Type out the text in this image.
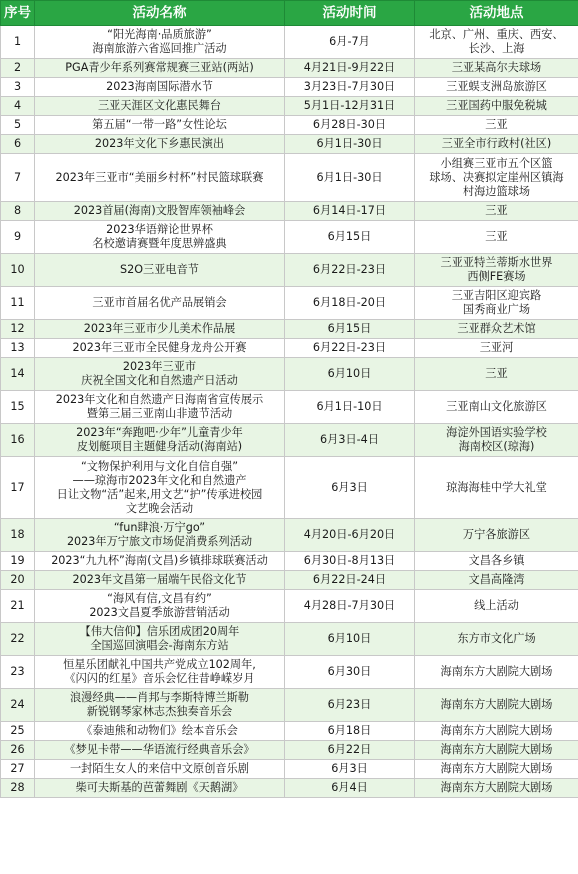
序号	活动名称	活动时间	活动地点
1	“阳光海南·品质旅游”
海南旅游六省巡回推广活动	6月-7月	北京、广州、重庆、西安、
长沙、上海
2	PGA青少年系列赛常规赛三亚站(两站)	4月21日-9月22日	三亚某高尔夫球场
3	2023海南国际潜水节	3月23日-7月30日	三亚蜈支洲岛旅游区
4	三亚天涯区文化惠民舞台	5月1日-12月31日	三亚国药中服免税城
5	第五届“一带一路”女性论坛	6月28日-30日	三亚
6	2023年文化下乡惠民演出	6月1日-30日	三亚全市行政村(社区)
7	2023年三亚市“美丽乡村杯”村民篮球联赛	6月1日-30日	小组赛三亚市五个区篮
球场、决赛拟定崖州区镇海
村海边篮球场
8	2023首届(海南)文股智库领袖峰会	6月14日-17日	三亚
9	2023华语辩论世界杯
名校邀请赛暨年度思辨盛典	6月15日	三亚
10	S2O三亚电音节	6月22日-23日	三亚亚特兰蒂斯水世界
西侧FE赛场
11	三亚市首届名优产品展销会	6月18日-20日	三亚吉阳区迎宾路
国秀商业广场
12	2023年三亚市少儿美术作品展	6月15日	三亚群众艺术馆
13	2023年三亚市全民健身龙舟公开赛	6月22日-23日	三亚河
14	2023年三亚市
庆祝全国文化和自然遗产日活动	6月10日	三亚
15	2023年文化和自然遗产日海南省宣传展示
暨第三届三亚南山非遗节活动	6月1日-10日	三亚南山文化旅游区
16	2023年“奔跑吧·少年”儿童青少年
皮划艇项目主题健身活动(海南站)	6月3日-4日	海淀外国语实验学校
海南校区(琼海)
17	“文物保护利用与文化自信自强”
——琼海市2023年文化和自然遗产
日让文物“活”起来,用文艺“护”传承进校园
文艺晚会活动	6月3日	琼海海桂中学大礼堂
18	“fun肆浪·万宁go”
2023年万宁旅文市场促消费系列活动	4月20日-6月20日	万宁各旅游区
19	2023“九九杯”海南(文昌)乡镇排球联赛活动	6月30日-8月13日	文昌各乡镇
20	2023年文昌第一届端午民俗文化节	6月22日-24日	文昌高隆湾
21	“海风有信,文昌有约”
2023文昌夏季旅游营销活动	4月28日-7月30日	线上活动
22	【伟大信仰】信乐团成团20周年
全国巡回演唱会-海南东方站	6月10日	东方市文化广场
23	恒星乐团献礼中国共产党成立102周年,
《闪闪的红星》音乐会忆往昔峥嵘岁月	6月30日	海南东方大剧院大剧场
24	浪漫经典——肖邦与李斯特博兰斯勒
新锐钢琴家林志杰独奏音乐会	6月23日	海南东方大剧院大剧场
25	《泰迪熊和动物们》绘本音乐会	6月18日	海南东方大剧院大剧场
26	《梦见卡带——华语流行经典音乐会》	6月22日	海南东方大剧院大剧场
27	一封陌生女人的来信中文原创音乐剧	6月3日	海南东方大剧院大剧场
28	柴可夫斯基的芭蕾舞剧《天鹅湖》	6月4日	海南东方大剧院大剧场
